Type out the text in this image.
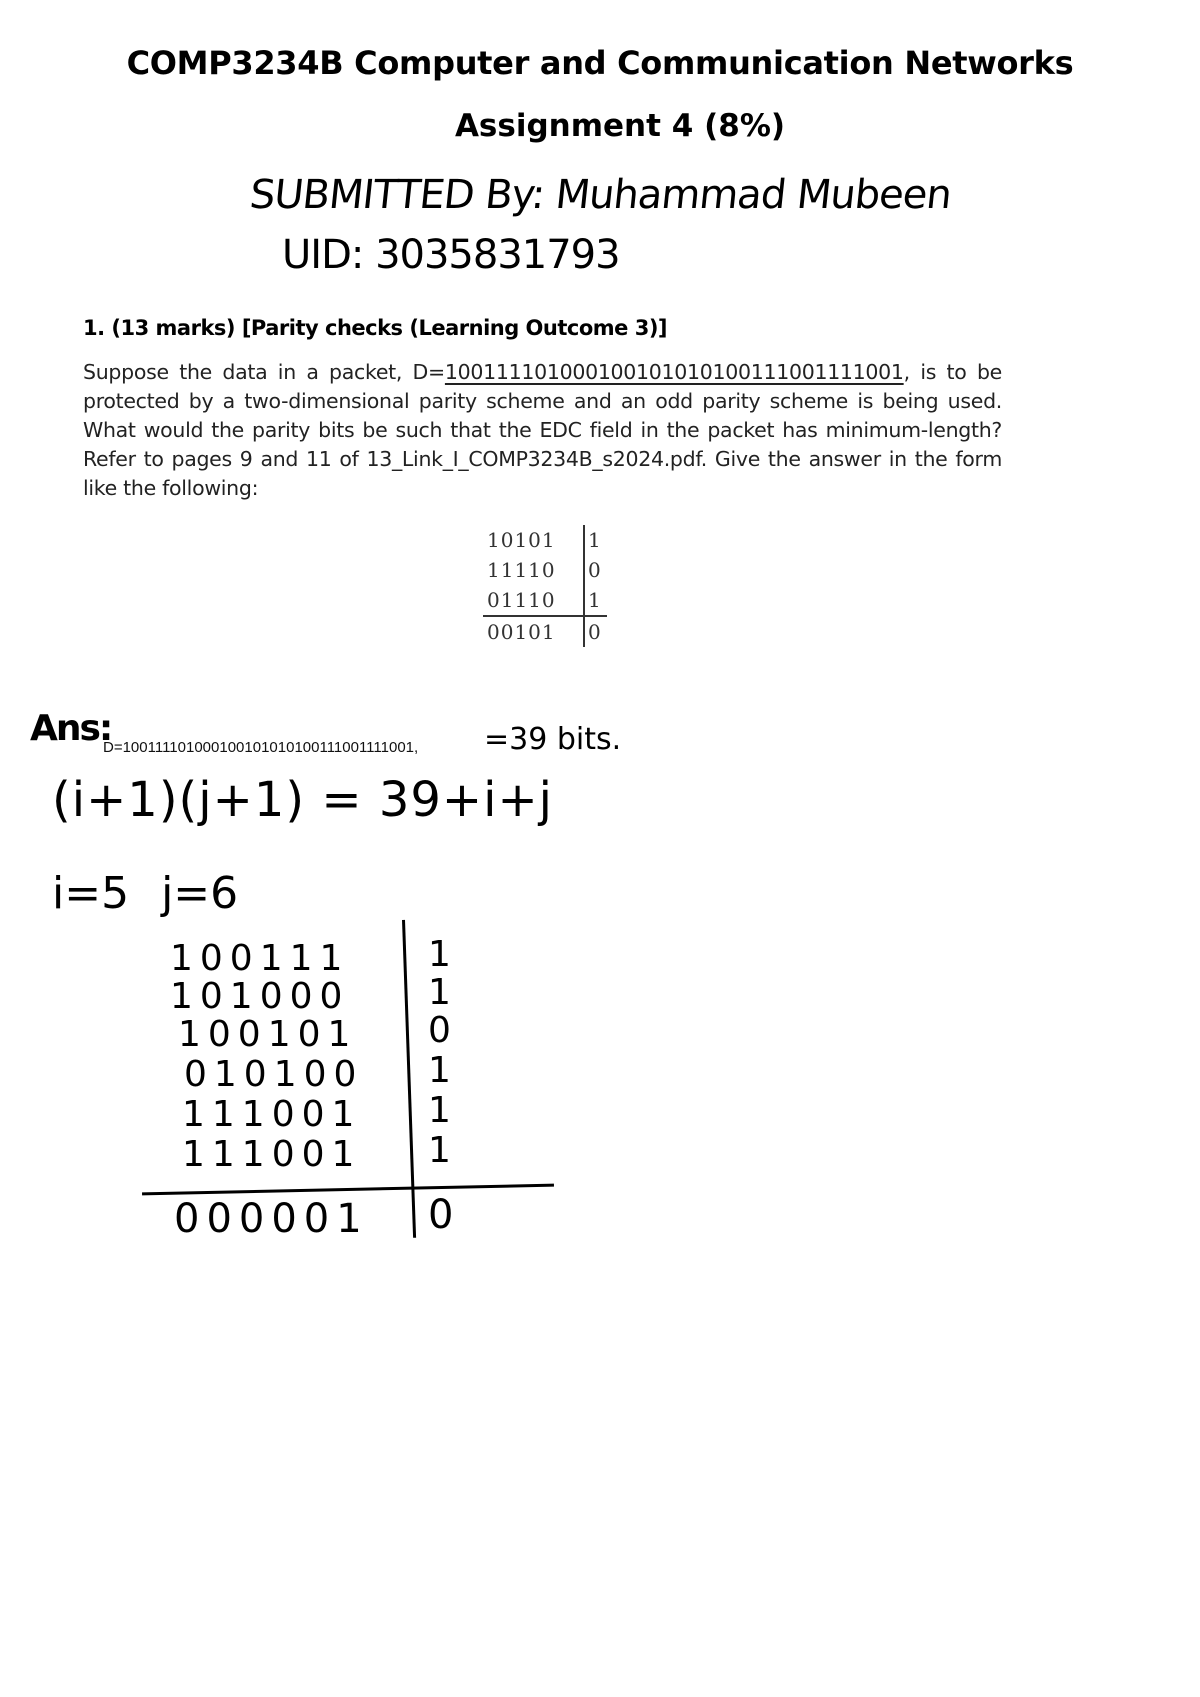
COMP3234B Computer and Communication Networks
Assignment 4 (8%)
SUBMITTED By: Muhammad Mubeen
UID: 3035831793
1. (13 marks) [Parity checks (Learning Outcome 3)]
Suppose the data in a packet, D=100111101000100101010100111001111001, is to be protected by a two-dimensional parity scheme and an odd parity scheme is being used. What would the parity bits be such that the EDC field in the packet has minimum-length? Refer to pages 9 and 11 of 13_Link_I_COMP3234B_s2024.pdf. Give the answer in the form like the following:
10101	1
11110	0
01110	1
00101	0
Ans:
D=100111101000100101010100111001111001, =39 bits.
(i+1)(j+1) = 39+i+j
i=5 j=6
100111	1
101000	1
100101	0
010100	1
111001	1
111001	1
000001	0
